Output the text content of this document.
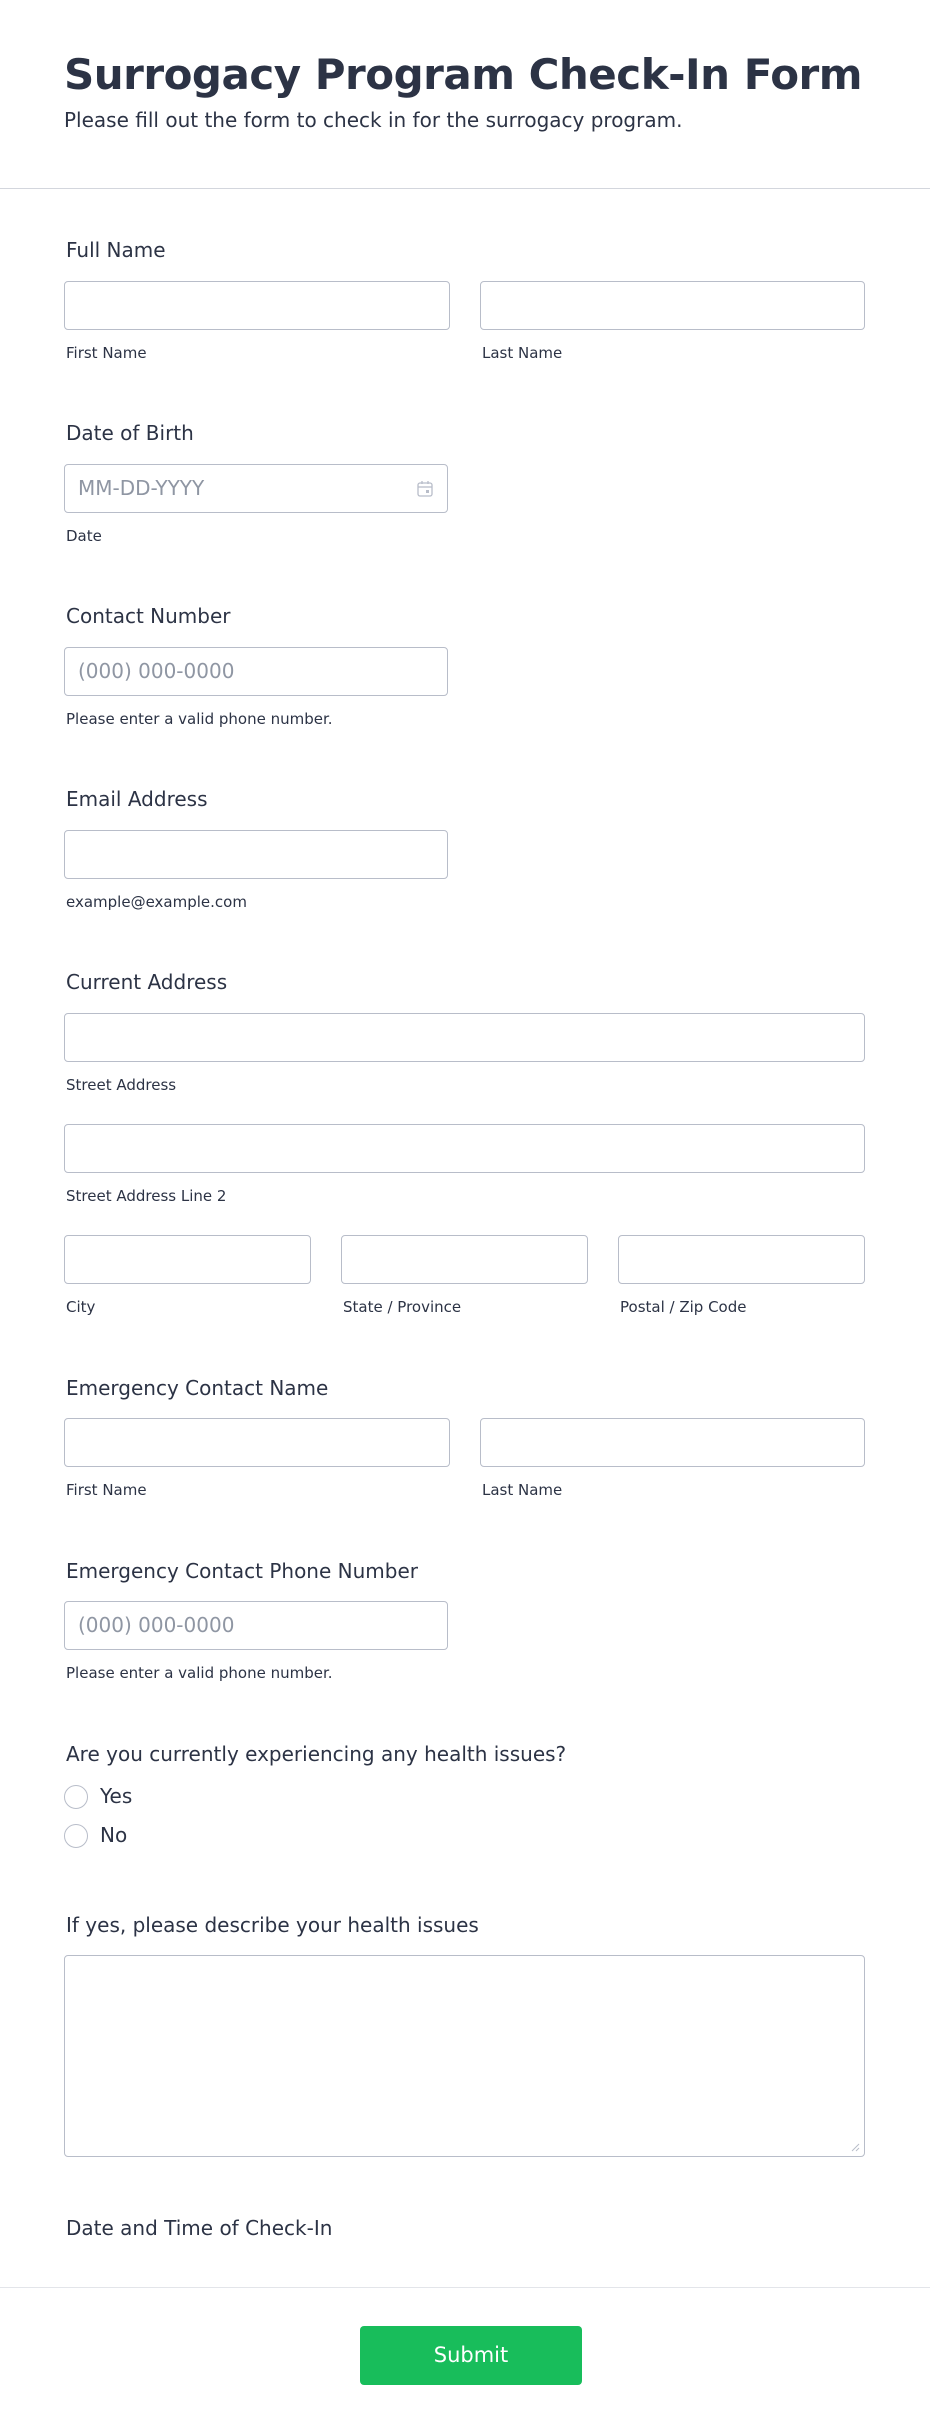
Surrogacy Program Check-In Form
Please fill out the form to check in for the surrogacy program.
Full Name
First Name	Last Name
Date of Birth
MM-DD-YYYY
Date
Contact Number
(000) 000-0000
Please enter a valid phone number.
Email Address
example@example.com
Current Address
Street Address
Street Address Line 2
City	State / Province	Postal / Zip Code
Emergency Contact Name
First Name	Last Name
Emergency Contact Phone Number
(000) 000-0000
Please enter a valid phone number.
Are you currently experiencing any health issues?
Yes
No
If yes, please describe your health issues
Date and Time of Check-In
Submit
